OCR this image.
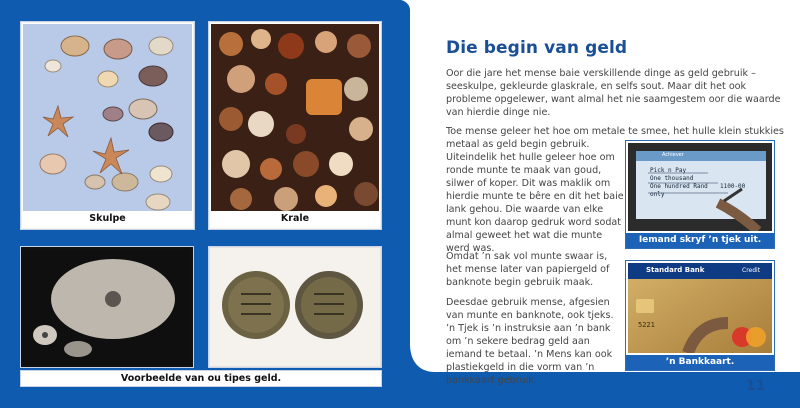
Skulpe	Krale
Voorbeelde van ou tipes geld.
Die begin van geld
Oor die jare het mense baie verskillende dinge as geld gebruik – seeskulpe, gekleurde glaskrale, en selfs sout. Maar dit het ook probleme opgelewer, want almal het nie saamgestem oor die waarde van hierdie dinge nie.
Toe mense geleer het hoe om metale te smee, het hulle klein stukkies metaal as geld begin gebruik.
Uiteindelik het hulle geleer hoe om ronde munte te maak van goud, silwer of koper. Dit was maklik om hierdie munte te bêre en dit het baie lank gehou. Die waarde van elke munt kon daarop gedruk word sodat almal geweet het wat die munte werd was.
Omdat ’n sak vol munte swaar is, het mense later van papiergeld of banknote begin gebruik maak.
Deesdae gebruik mense, afgesien van munte en banknote, ook tjeks. ’n Tjek is ’n instruksie aan ’n bank om ’n sekere bedrag geld aan iemand te betaal. ’n Mens kan ook plastiekgeld in die vorm van ’n bankkaart gebruik.
Achiever
Pick n Pay
One thousand
One hundred Rand 1100-00
only
Iemand skryf ’n tjek uit.
Standard Bank	Credit
5221
’n Bankkaart.
11
